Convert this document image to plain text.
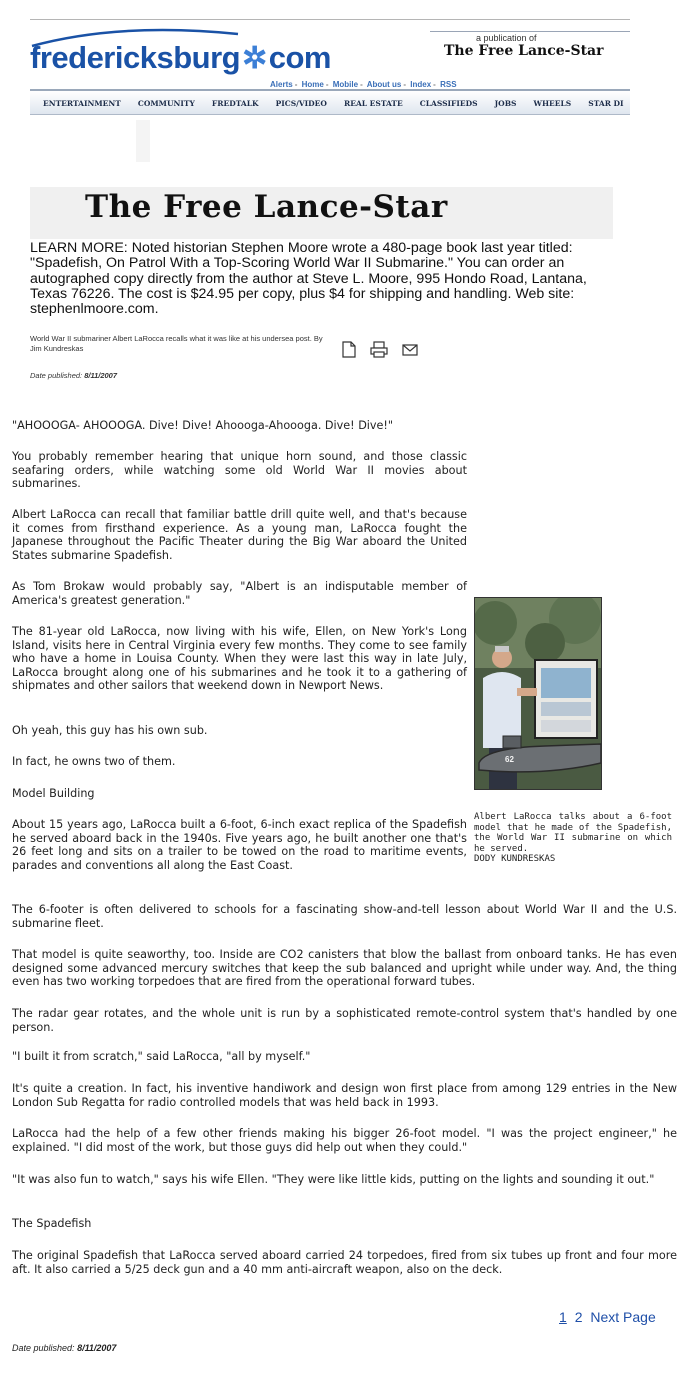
fredericksburg✲com
a publication of
The Free Lance-Star
Alerts - Home - Mobile - About us - Index - RSS
ENTERTAINMENT COMMUNITY FREDTALK PICS/VIDEO REAL ESTATE CLASSIFIEDS JOBS WHEELS STAR DI
The Free Lance-Star
LEARN MORE: Noted historian Stephen Moore wrote a 480-page book last year titled: "Spadefish, On Patrol With a Top-Scoring World War II Submarine." You can order an autographed copy directly from the author at Steve L. Moore, 995 Hondo Road, Lantana, Texas 76226. The cost is $24.95 per copy, plus $4 for shipping and handling. Web site: stephenlmoore.com.
World War II submariner Albert LaRocca recalls what it was like at his undersea post. By Jim Kundreskas
Date published: 8/11/2007
"AHOOOGA- AHOOOGA. Dive! Dive! Ahoooga-Ahoooga. Dive! Dive!"
You probably remember hearing that unique horn sound, and those classic seafaring orders, while watching some old World War II movies about submarines.
Albert LaRocca can recall that familiar battle drill quite well, and that's because it comes from firsthand experience. As a young man, LaRocca fought the Japanese throughout the Pacific Theater during the Big War aboard the United States submarine Spadefish.
As Tom Brokaw would probably say, "Albert is an indisputable member of America's greatest generation."
The 81-year old LaRocca, now living with his wife, Ellen, on New York's Long Island, visits here in Central Virginia every few months. They come to see family who have a home in Louisa County. When they were last this way in late July, LaRocca brought along one of his submarines and he took it to a gathering of shipmates and other sailors that weekend down in Newport News.
Oh yeah, this guy has his own sub.
In fact, he owns two of them.
Model Building
About 15 years ago, LaRocca built a 6-foot, 6-inch exact replica of the Spadefish he served aboard back in the 1940s. Five years ago, he built another one that's 26 feet long and sits on a trailer to be towed on the road to maritime events, parades and conventions all along the East Coast.
The 6-footer is often delivered to schools for a fascinating show-and-tell lesson about World War II and the U.S. submarine fleet.
That model is quite seaworthy, too. Inside are CO2 canisters that blow the ballast from onboard tanks. He has even designed some advanced mercury switches that keep the sub balanced and upright while under way. And, the thing even has two working torpedoes that are fired from the operational forward tubes.
The radar gear rotates, and the whole unit is run by a sophisticated remote-control system that's handled by one person.
"I built it from scratch," said LaRocca, "all by myself."
It's quite a creation. In fact, his inventive handiwork and design won first place from among 129 entries in the New London Sub Regatta for radio controlled models that was held back in 1993.
LaRocca had the help of a few other friends making his bigger 26-foot model. "I was the project engineer," he explained. "I did most of the work, but those guys did help out when they could."
"It was also fun to watch," says his wife Ellen. "They were like little kids, putting on the lights and sounding it out."
The Spadefish
The original Spadefish that LaRocca served aboard carried 24 torpedoes, fired from six tubes up front and four more aft. It also carried a 5/25 deck gun and a 40 mm anti-aircraft weapon, also on the deck.
62
Albert LaRocca talks about a 6-foot model that he made of the Spadefish, the World War II submarine on which he served.
DODY KUNDRESKAS
1 2 Next Page
Date published: 8/11/2007
